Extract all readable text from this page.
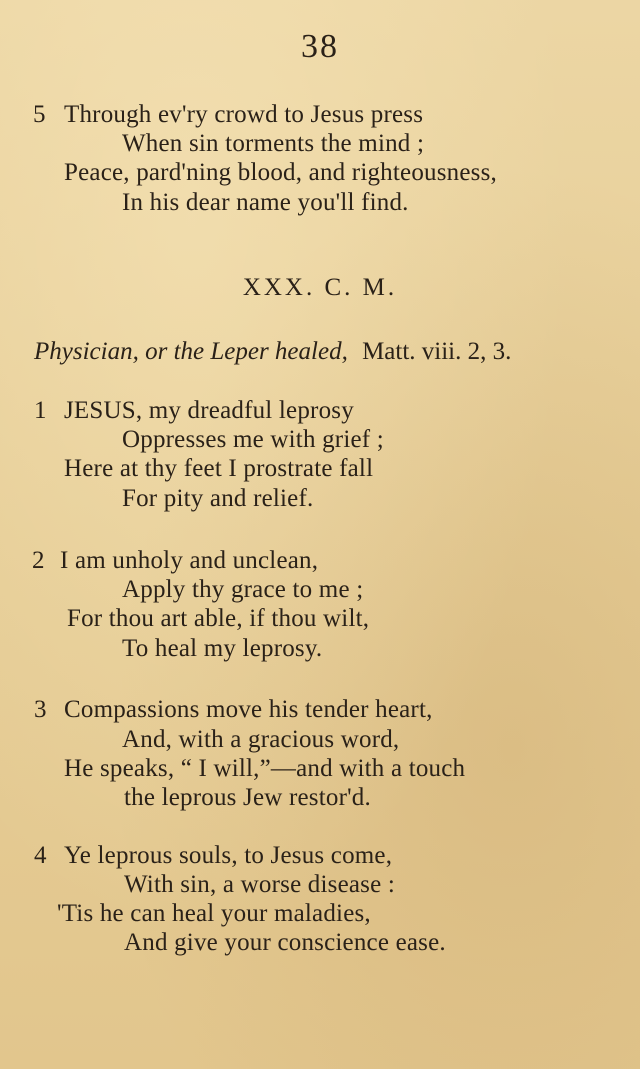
38
5 Through ev'ry crowd to Jesus press
When sin torments the mind ;
Peace, pard'ning blood, and righteousness,
In his dear name you'll find.
XXX. C. M.
Physician, or the Leper healed, Matt. viii. 2, 3.
1 JESUS, my dreadful leprosy
Oppresses me with grief ;
Here at thy feet I prostrate fall
For pity and relief.
2 I am unholy and unclean,
Apply thy grace to me ;
For thou art able, if thou wilt,
To heal my leprosy.
3 Compassions move his tender heart,
And, with a gracious word,
He speaks, “ I will,”—and with a touch
the leprous Jew restor'd.
4 Ye leprous souls, to Jesus come,
With sin, a worse disease :
'Tis he can heal your maladies,
And give your conscience ease.
